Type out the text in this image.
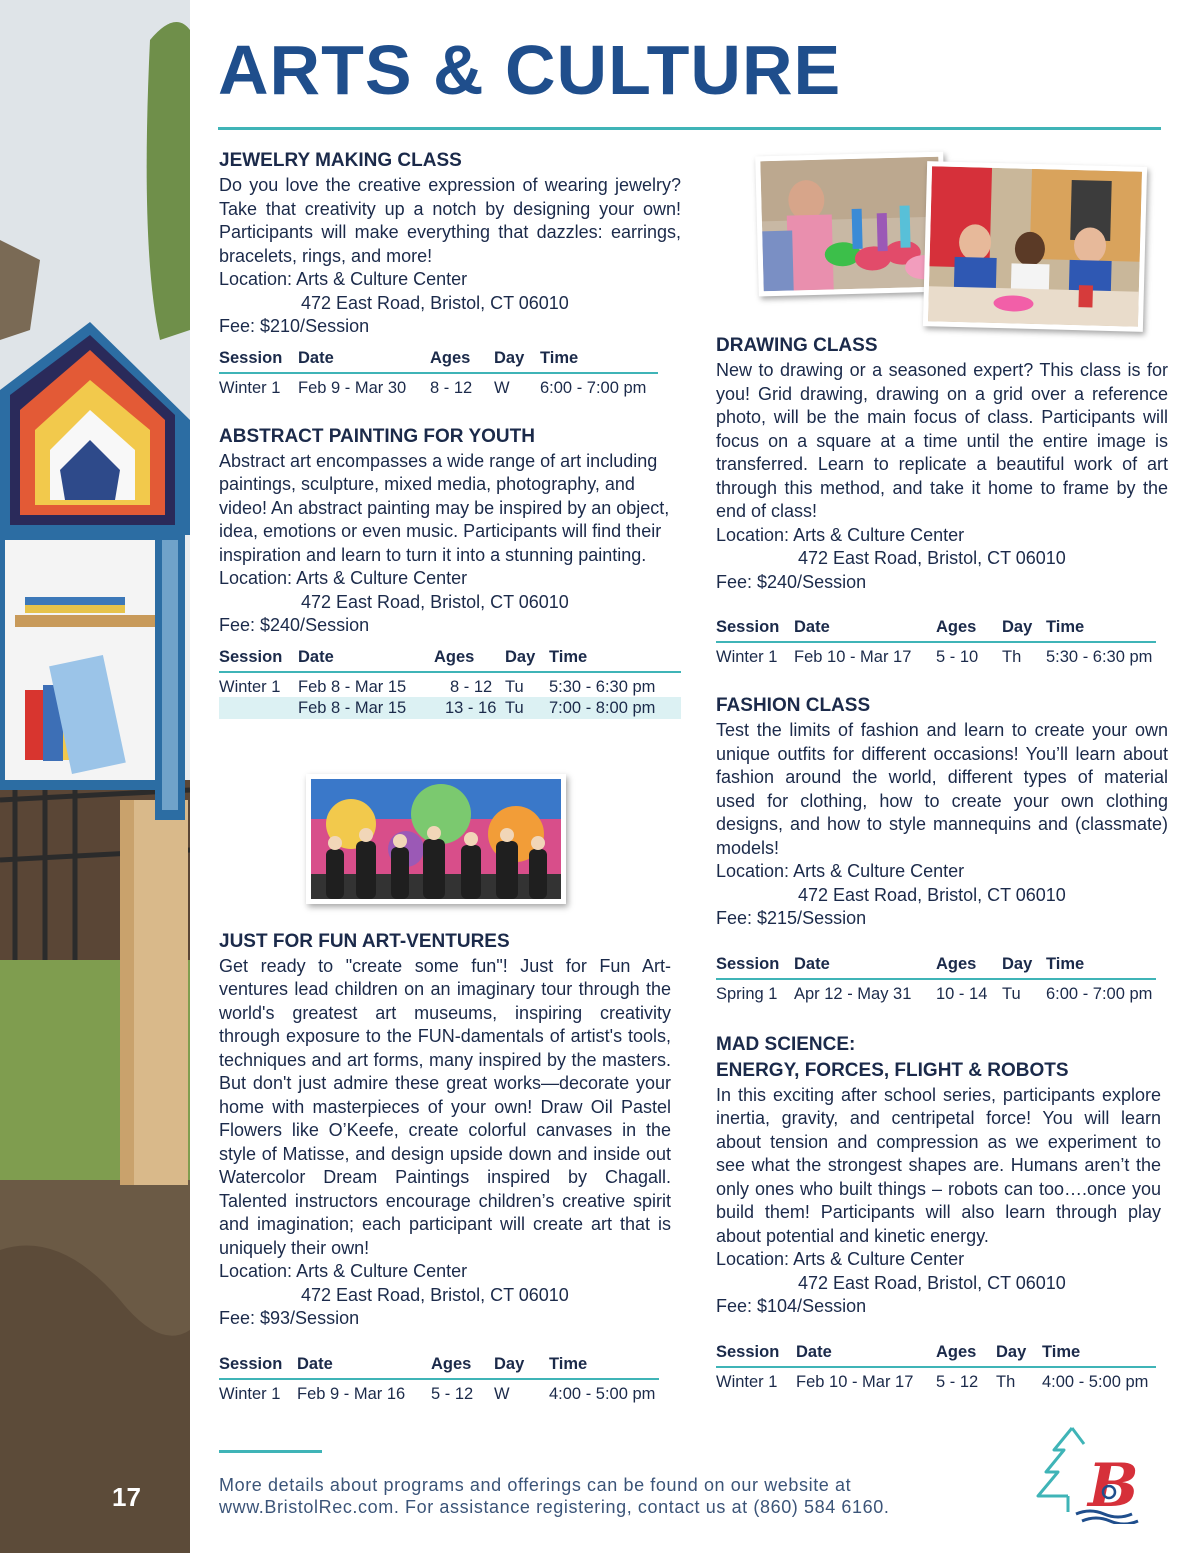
17
ARTS & CULTURE
JEWELRY MAKING CLASS

Do you love the creative expression of wearing jewelry? Take that creativity up a notch by designing your own! Participants will make everything that dazzles: earrings, bracelets, rings, and more!

Location: Arts & Culture Center

472 East Road, Bristol, CT 06010

Fee: $210/Session

Session	Date	Ages	Day	Time
Winter 1	Feb 9 - Mar 30	8 - 12	W	6:00 - 7:00 pm
ABSTRACT PAINTING FOR YOUTH

Abstract art encompasses a wide range of art including paintings, sculpture, mixed media, photography, and video! An abstract painting may be inspired by an object, idea, emotions or even music. Participants will find their inspiration and learn to turn it into a stunning painting.

Location: Arts & Culture Center

472 East Road, Bristol, CT 06010

Fee: $240/Session

Session	Date	Ages	Day	Time
Winter 1	Feb 8 - Mar 15	8 - 12	Tu	5:30 - 6:30 pm
	Feb 8 - Mar 15	13 - 16	Tu	7:00 - 8:00 pm
JUST FOR FUN ART-VENTURES

Get ready to "create some fun"! Just for Fun Art-ventures lead children on an imaginary tour through the world's greatest art museums, inspiring creativity through exposure to the FUN-damentals of artist's tools, techniques and art forms, many inspired by the masters. But don't just admire these great works—decorate your home with masterpieces of your own! Draw Oil Pastel Flowers like O’Keefe, create colorful canvases in the style of Matisse, and design upside down and inside out Watercolor Dream Paintings inspired by Chagall. Talented instructors encourage children’s creative spirit and imagination; each participant will create art that is uniquely their own!

Location: Arts & Culture Center

472 East Road, Bristol, CT 06010

Fee: $93/Session

Session	Date	Ages	Day	Time
Winter 1	Feb 9 - Mar 16	5 - 12	W	4:00 - 5:00 pm
DRAWING CLASS

New to drawing or a seasoned expert? This class is for you! Grid drawing, drawing on a grid over a reference photo, will be the main focus of class. Participants will focus on a square at a time until the entire image is transferred. Learn to replicate a beautiful work of art through this method, and take it home to frame by the end of class!

Location: Arts & Culture Center

472 East Road, Bristol, CT 06010

Fee: $240/Session

Session	Date	Ages	Day	Time
Winter 1	Feb 10 - Mar 17	5 - 10	Th	5:30 - 6:30 pm
FASHION CLASS

Test the limits of fashion and learn to create your own unique outfits for different occasions! You’ll learn about fashion around the world, different types of material used for clothing, how to create your own clothing designs, and how to style mannequins and (classmate) models!

Location: Arts & Culture Center

472 East Road, Bristol, CT 06010

Fee: $215/Session

Session	Date	Ages	Day	Time
Spring 1	Apr 12 - May 31	10 - 14	Tu	6:00 - 7:00 pm
MAD SCIENCE:
ENERGY, FORCES, FLIGHT & ROBOTS

In this exciting after school series, participants explore inertia, gravity, and centripetal force! You will learn about tension and compression as we experiment to see what the strongest shapes are. Humans aren’t the only ones who built things – robots can too….once you build them! Participants will also learn through play about potential and kinetic energy.

Location: Arts & Culture Center

472 East Road, Bristol, CT 06010

Fee: $104/Session

Session	Date	Ages	Day	Time
Winter 1	Feb 10 - Mar 17	5 - 12	Th	4:00 - 5:00 pm
More details about programs and offerings can be found on our website at
www.BristolRec.com. For assistance registering, contact us at (860) 584 6160.	B
